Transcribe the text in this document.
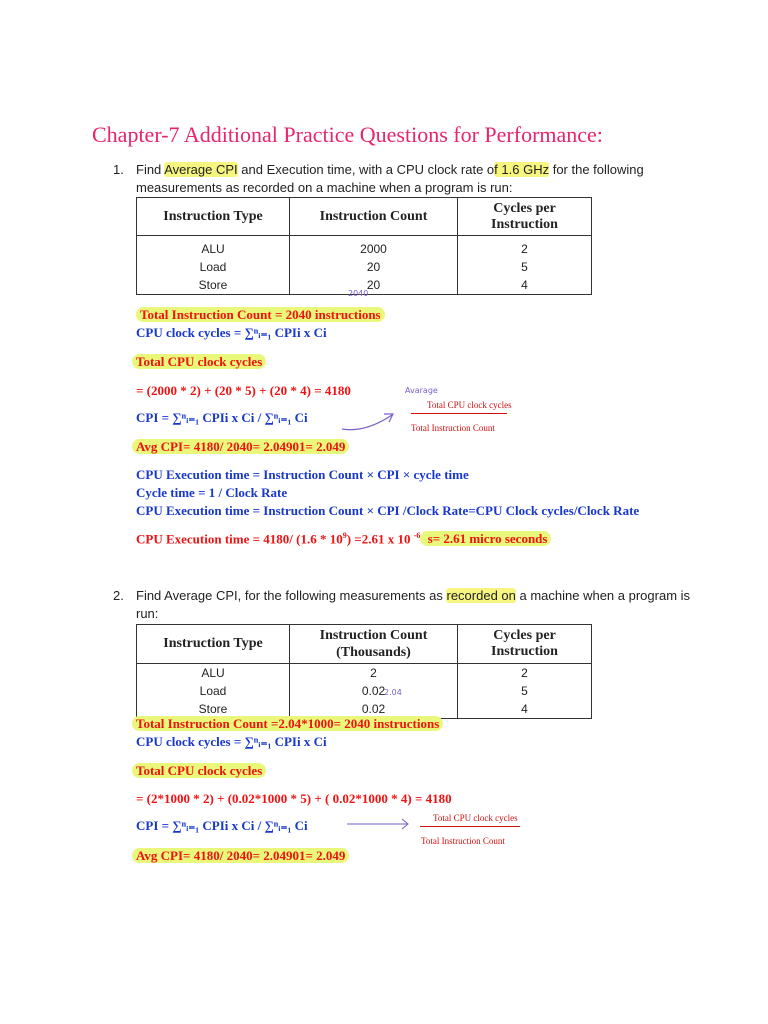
Chapter-7 Additional Practice Questions for Performance:
1. Find Average CPI and Execution time, with a CPU clock rate of 1.6 GHz for the following
measurements as recorded on a machine when a program is run:
Instruction Type	Instruction Count	Cycles per Instruction
ALU	2000	2
Load	20	5
Store	20	4
2040
Total Instruction Count = 2040 instructions
CPU clock cycles = ∑ⁿᵢ₌₁ CPIi x Ci
Total CPU clock cycles
= (2000 * 2) + (20 * 5) + (20 * 4) = 4180
CPI = ∑ⁿᵢ₌₁ CPIi x Ci / ∑ⁿᵢ₌₁ Ci
Avg CPI= 4180/ 2040= 2.04901= 2.049
Avarage
Total CPU clock cycles
Total Instruction Count
CPU Execution time = Instruction Count × CPI × cycle time
Cycle time = 1 / Clock Rate
CPU Execution time = Instruction Count × CPI /Clock Rate=CPU Clock cycles/Clock Rate
CPU Execution time = 4180/ $(1.6 * 10^9) =2.61$ x 10 $^{-6}$ s= 2.61 micro seconds
2. Find Average CPI, for the following measurements as recorded on a machine when a program is
run:
Instruction Type	Instruction Count (Thousands)	Cycles per Instruction
ALU	2	2
Load	0.02	5
Store	0.02	4
2.04
Total Instruction Count =2.04*1000= 2040 instructions
CPU clock cycles = ∑ⁿᵢ₌₁ CPIi x Ci
Total CPU clock cycles
= (2*1000 * 2) + (0.02*1000 * 5) + ( 0.02*1000 * 4) = 4180
CPI = ∑ⁿᵢ₌₁ CPIi x Ci / ∑ⁿᵢ₌₁ Ci
Avg CPI= 4180/ 2040= 2.04901= 2.049
Total CPU clock cycles
Total Instruction Count
